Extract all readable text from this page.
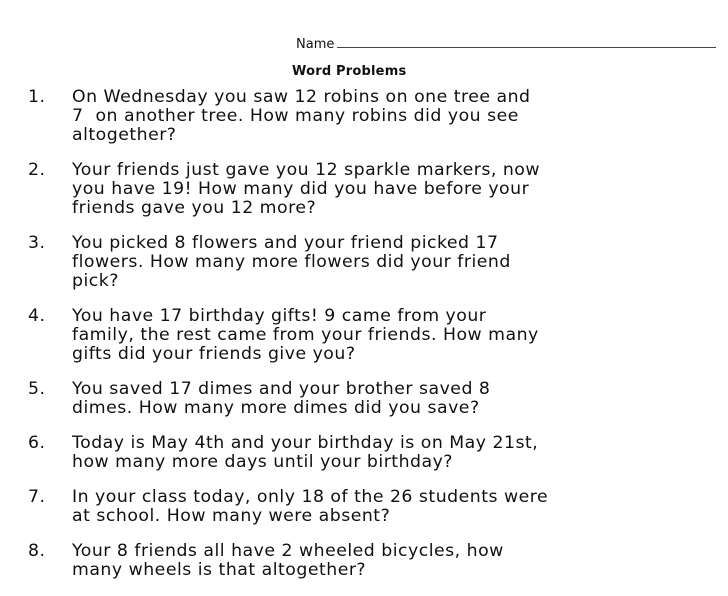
Name
Word Problems
1.	On Wednesday you saw 12 robins on one tree and
7  on another tree. How many robins did you see
altogether?
2.	Your friends just gave you 12 sparkle markers, now
you have 19! How many did you have before your
friends gave you 12 more?
3.	You picked 8 flowers and your friend picked 17
flowers. How many more flowers did your friend
pick?
4.	You have 17 birthday gifts! 9 came from your
family, the rest came from your friends. How many
gifts did your friends give you?
5.	You saved 17 dimes and your brother saved 8
dimes. How many more dimes did you save?
6.	Today is May 4th and your birthday is on May 21st,
how many more days until your birthday?
7.	In your class today, only 18 of the 26 students were
at school. How many were absent?
8.	Your 8 friends all have 2 wheeled bicycles, how
many wheels is that altogether?
